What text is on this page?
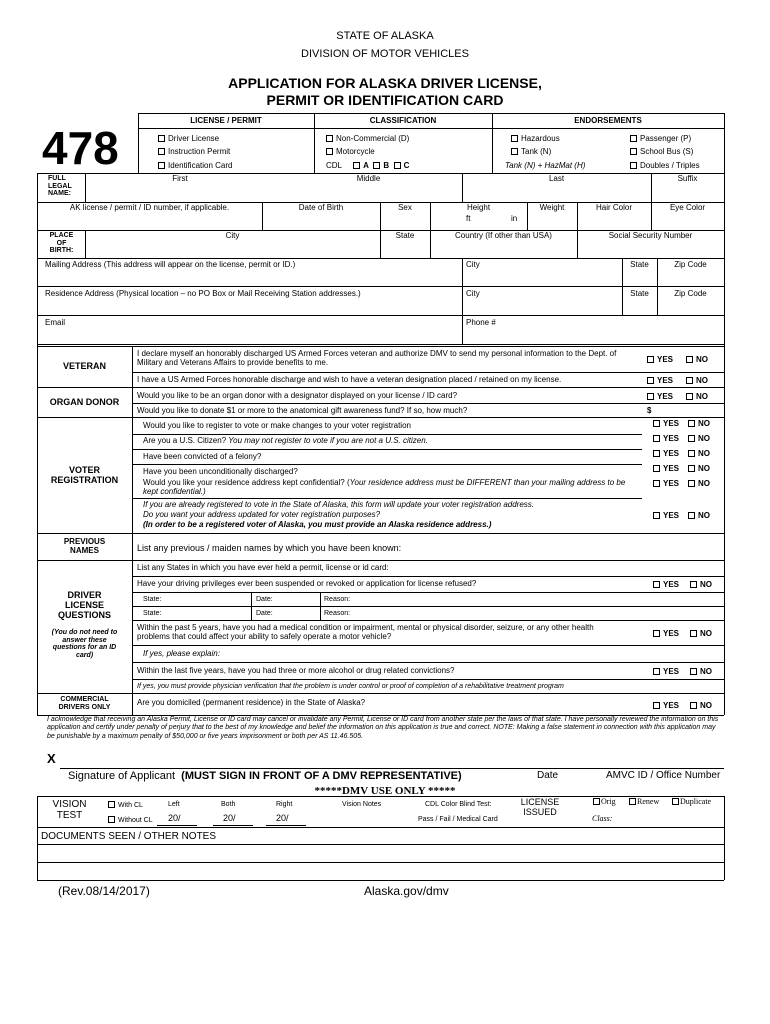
STATE OF ALASKA
DIVISION OF MOTOR VEHICLES
APPLICATION FOR ALASKA DRIVER LICENSE,
PERMIT OR IDENTIFICATION CARD
478
LICENSE / PERMIT	CLASSIFICATION	ENDORSEMENTS
Driver License
Instruction Permit
Identification Card
Non-Commercial (D)
Motorcycle
CDL	A B C
Hazardous
Tank (N)
Tank (N) + HazMat (H)
Passenger (P)
School Bus (S)
Doubles / Triples
FULL LEGAL NAME:
First	Middle	Last	Suffix
AK license / permit / ID number, if applicable.	Date of Birth	Sex	Height
ft	in
Weight	Hair Color	Eye Color
PLACE OF BIRTH:
City	State	Country (If other than USA)	Social Security Number
Mailing Address (This address will appear on the license, permit or ID.)	City	State	Zip Code
Residence Address (Physical location – no PO Box or Mail Receiving Station addresses.)	City	State	Zip Code
Email	Phone #
VETERAN
I declare myself an honorably discharged US Armed Forces veteran and authorize DMV to send my personal information to the Dept. of Military and Veterans Affairs to provide benefits to me.	YES	NO
I have a US Armed Forces honorable discharge and wish to have a veteran designation placed / retained on my license.	YES	NO
ORGAN DONOR
Would you like to be an organ donor with a designator displayed on your license / ID card?	YES	NO
Would you like to donate $1 or more to the anatomical gift awareness fund? If so, how much?	$
VOTER REGISTRATION
Would you like to register to vote or make changes to your voter registration	YES	NO
Are you a U.S. Citizen? You may not register to vote if you are not a U.S. citizen.	YES	NO
Have been convicted of a felony?	YES	NO
Have you been unconditionally discharged?	YES	NO
Would you like your residence address kept confidential? (Your residence address must be DIFFERENT than your mailing address to be kept confidential.)
YES	NO
If you are already registered to vote in the State of Alaska, this form will update your voter registration address.
Do you want your address updated for voter registration purposes?
(In order to be a registered voter of Alaska, you must provide an Alaska residence address.)
YES	NO
PREVIOUS NAMES	List any previous / maiden names by which you have been known:
DRIVER LICENSE QUESTIONS
(You do not need to answer these questions for an ID card)
List any States in which you have ever held a permit, license or id card:
Have your driving privileges ever been suspended or revoked or application for license refused?	YES	NO
State:	Date:	Reason:
State:	Date:	Reason:
Within the past 5 years, have you had a medical condition or impairment, mental or physical disorder, seizure, or any other health problems that could affect your ability to safely operate a motor vehicle?	YES	NO
If yes, please explain:
Within the last five years, have you had three or more alcohol or drug related convictions?	YES	NO
If yes, you must provide physician verification that the problem is under control or proof of completion of a rehabilitative treatment program
COMMERCIAL DRIVERS ONLY
Are you domiciled (permanent residence) in the State of Alaska?	YES	NO
I acknowledge that receiving an Alaska Permit, License or ID card may cancel or invalidate any Permit, License or ID card from another state per the laws of that state. I have personally reviewed the information on this application and certify under penalty of perjury that to the best of my knowledge and belief the information on this application is true and correct. NOTE: Making a false statement in connection with this application may be punishable by a maximum penalty of $50,000 or five years imprisonment or both per AS 11.46.505.
X
Signature of Applicant (MUST SIGN IN FRONT OF A DMV REPRESENTATIVE)	Date	AMVC ID / Office Number
*****DMV USE ONLY *****
VISION TEST
With CL
Without CL
Left	Both	Right
20/	20/	20/
Vision Notes	CDL Color Blind Test:
Pass / Fail / Medical Card
LICENSE ISSUED
Orig	Renew	Duplicate
Class:
DOCUMENTS SEEN / OTHER NOTES
(Rev.08/14/2017)	Alaska.gov/dmv
